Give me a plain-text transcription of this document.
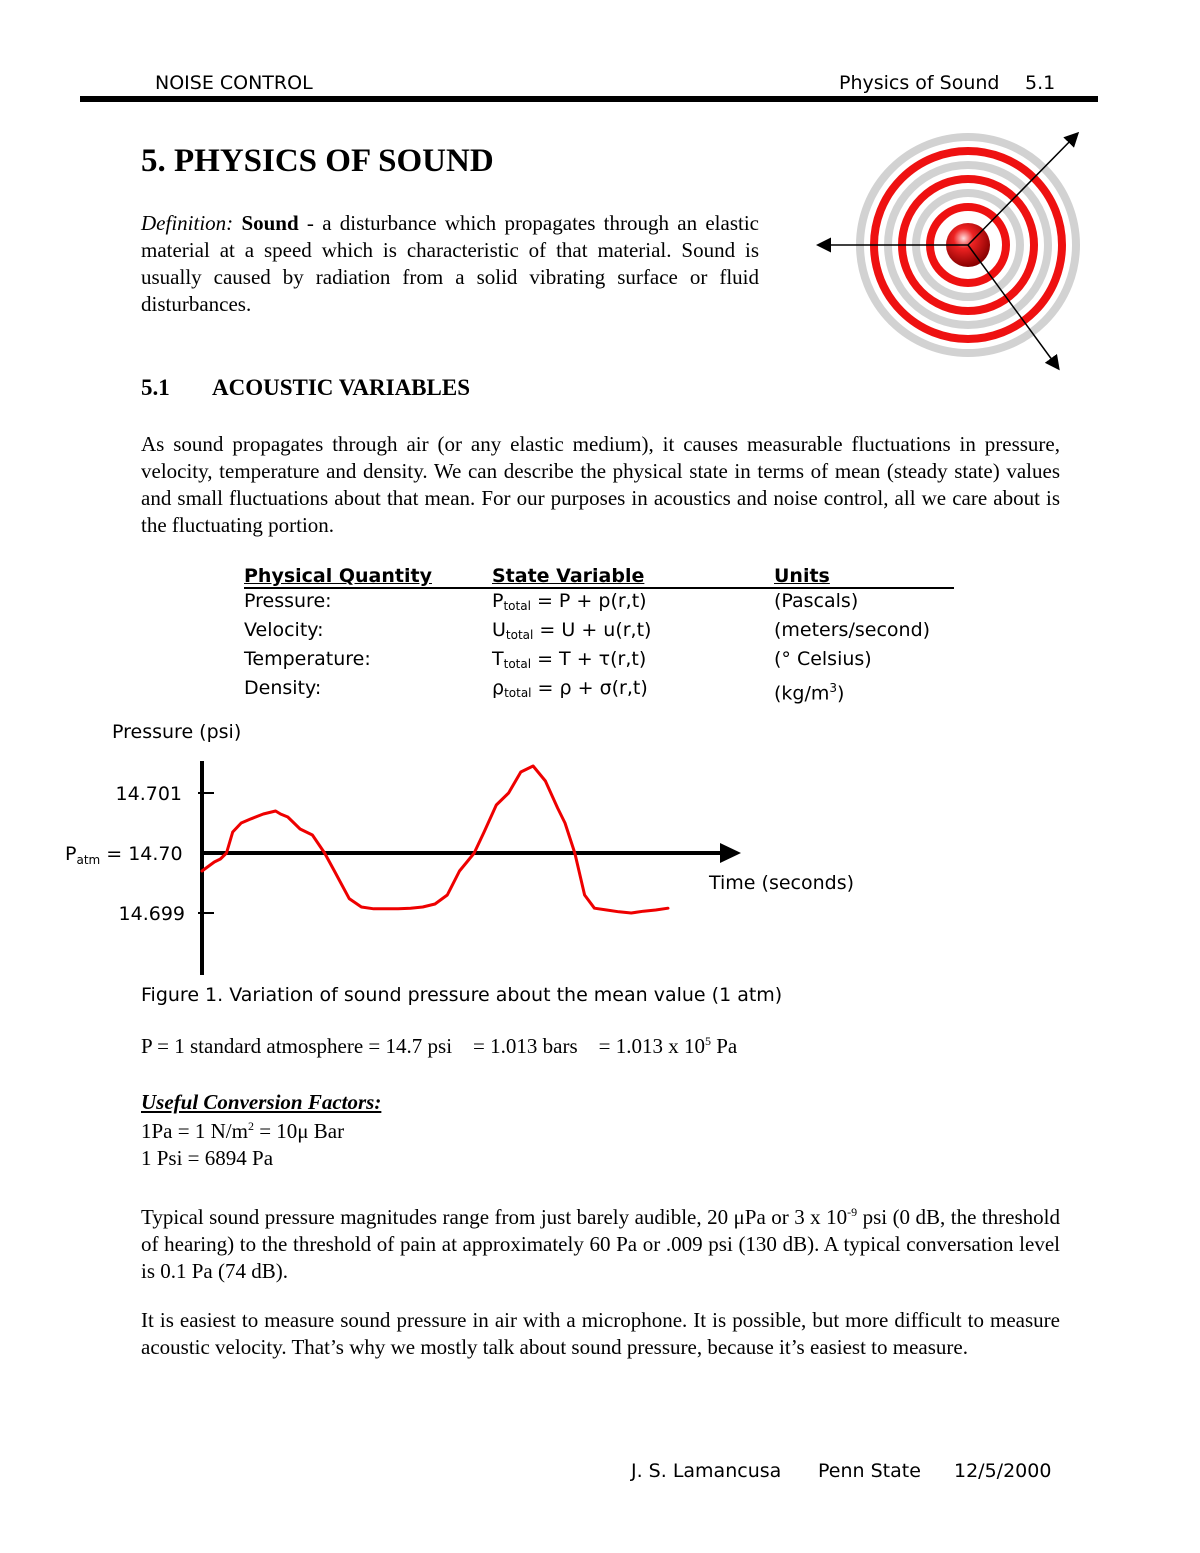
NOISE CONTROL	Physics of Sound 5.1
5. PHYSICS OF SOUND
Definition: Sound - a disturbance which propagates through an elastic material at a speed which is characteristic of that material. Sound is usually caused by radiation from a solid vibrating surface or fluid disturbances.
5.1 ACOUSTIC VARIABLES
As sound propagates through air (or any elastic medium), it causes measurable fluctuations in pressure, velocity, temperature and density. We can describe the physical state in terms of mean (steady state) values and small fluctuations about that mean. For our purposes in acoustics and noise control, all we care about is the fluctuating portion.
Physical Quantity	State Variable	Units
Pressure:	$P_{total} = P + p(r,t)$	(Pascals)
Velocity:	$U_{total} = U + u(r,t)$	(meters/second)
Temperature:	$T_{total} = T + \tau(r,t)$	(° Celsius)
Density:	$\rho_{total} = \rho + \sigma(r,t)$	$(kg/m^3)$
Pressure (psi)
14.701
14.699
$P_{atm} = 14.70$
Time (seconds)
Figure 1. Variation of sound pressure about the mean value (1 atm)
P = 1 standard atmosphere = 14.7 psi    = 1.013 bars    = 1.013 x $10^5$ Pa
Useful Conversion Factors:
1Pa = 1 $N/m^2 = 10\mu$ Bar
1 Psi = 6894 Pa
Typical sound pressure magnitudes range from just barely audible, 20 μPa or 3 x $10^{-9}$ psi (0 dB, the threshold of hearing) to the threshold of pain at approximately 60 Pa or .009 psi (130 dB). A typical conversation level is 0.1 Pa (74 dB).
It is easiest to measure sound pressure in air with a microphone. It is possible, but more difficult to measure acoustic velocity. That’s why we mostly talk about sound pressure, because it’s easiest to measure.
J. S. Lamancusa Penn State 12/5/2000
